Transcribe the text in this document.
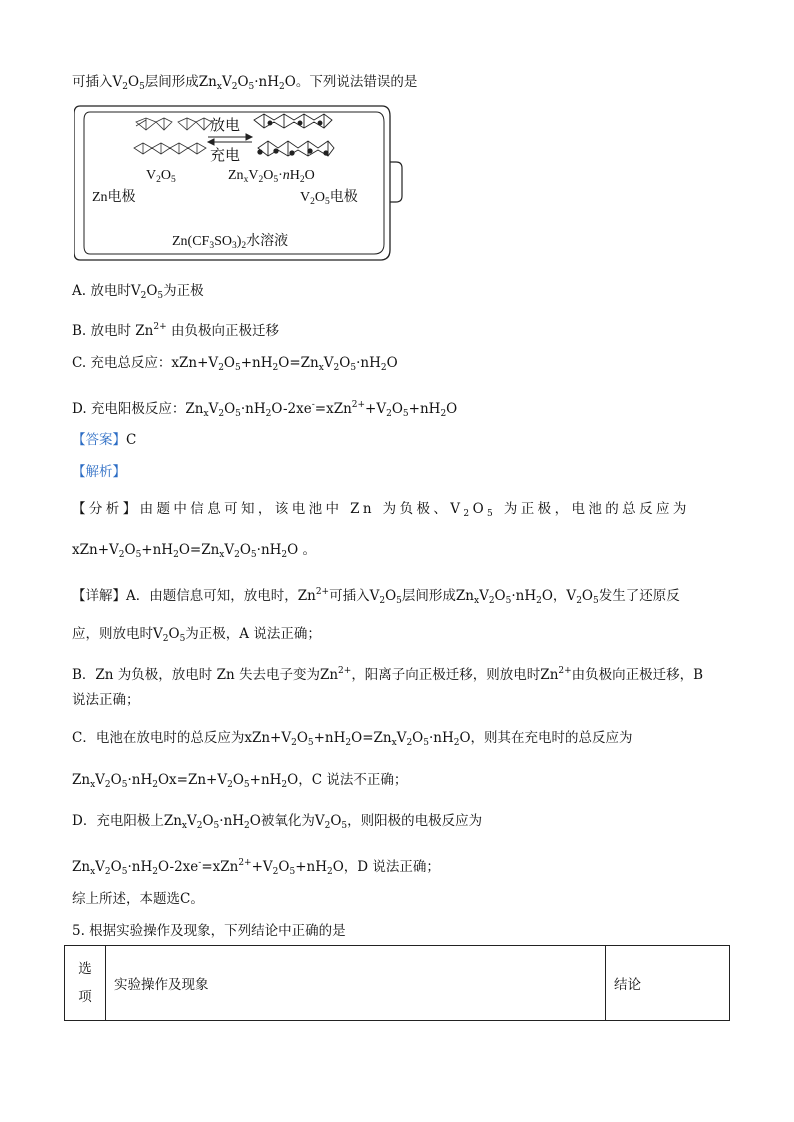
可插入$V_2O_5$层间形成$Zn_xV_2O_5\cdot nH_2O$。下列说法错误的是
放电
充电
$V_2O_5$	$Zn_xV_2O_5\cdot nH_2O$
Zn电极	$V_2O_5$电极
$Zn(CF_3SO_3)_2$水溶液
A. 放电时$V_2O_5$为正极
B. 放电时 $Zn^{2+}$ 由负极向正极迁移
C. 充电总反应：$xZn+V_2O_5+nH_2O=Zn_xV_2O_5\cdot nH_2O$
D. 充电阳极反应：$Zn_xV_2O_5\cdot nH_2O-2xe^-=xZn^{2+}+V_2O_5+nH_2O$
【答案】C
【解析】
【分析】由题中信息可知，该电池中 Zn 为负极、$V_2O_5$ 为正极，电池的总反应为
$xZn+V_2O_5+nH_2O=Zn_xV_2O_5\cdot nH_2O$ 。
【详解】A．由题信息可知，放电时，$Zn^{2+}$可插入$V_2O_5$层间形成$Zn_xV_2O_5\cdot nH_2O$，$V_2O_5$发生了还原反
应，则放电时$V_2O_5$为正极，A 说法正确；
B．Zn 为负极，放电时 Zn 失去电子变为$Zn^{2+}$，阳离子向正极迁移，则放电时$Zn^{2+}$由负极向正极迁移，B
说法正确；
C．电池在放电时的总反应为$xZn+V_2O_5+nH_2O=Zn_xV_2O_5\cdot nH_2O$，则其在充电时的总反应为
$Zn_xV_2O_5\cdot nH_2Ox=Zn+V_2O_5+nH_2O$，C 说法不正确；
D．充电阳极上$Zn_xV_2O_5\cdot nH_2O$被氧化为$V_2O_5$，则阳极的电极反应为
$Zn_xV_2O_5\cdot nH_2O-2xe^-=xZn^{2+}+V_2O_5+nH_2O$，D 说法正确；
综上所述，本题选C。
5. 根据实验操作及现象，下列结论中正确的是
选
项	实验操作及现象	结论
